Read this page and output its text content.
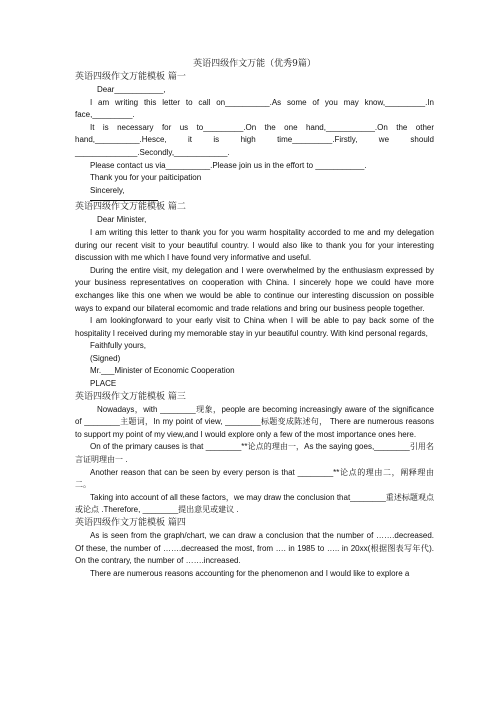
英语四级作文万能（优秀9篇）

英语四级作文万能模板 篇一

Dear___________,

I am writing this letter to call on__________.As some of you may know,_________.In face,_________.

It is necessary for us to_________.On the one hand,___________.On the other hand,__________.Hesce, it is high time_________.Firstly, we should ______________.Secondly,____________.

Please contact us via__________.Please join us in the effort to ___________.

Thank you for your paiticipation

Sincerely,

英语四级作文万能模板 篇二

Dear Minister,

I am writing this letter to thank you for you warm hospitality accorded to me and my delegation during our recent visit to your beautiful country. I would also like to thank you for your interesting discussion with me which I have found very informative and useful.

During the entire visit, my delegation and I were overwhelmed by the enthusiasm expressed by your business representatives on cooperation with China. I sincerely hope we could have more exchanges like this one when we would be able to continue our interesting discussion on possible ways to expand our bilateral ecomomic and trade relations and bring our business people together.

I am lookingforward to your early visit to China when I will be able to pay back some of the hospitality I received during my memorable stay in yur beautiful country. With kind personal regards,

Faithfully yours,

(Signed)

Mr.___Minister of Economic Cooperation

PLACE

英语四级作文万能模板 篇三

Nowadays，with ________现象，people are becoming increasingly aware of the significance of ________主题词，In my point of view, ________标题变成陈述句， There are numerous reasons to support my point of my view,and I would explore only a few of the most importance ones here.

On of the primary causes is that ________**论点的理由一，As the saying goes,________引用名言证明理由一 .

Another reason that can be seen by every person is that ________**论点的理由二，阐释理由二。

Taking into account of all these factors，we may draw the conclusion that________重述标题观点或论点 .Therefore, ________提出意见或建议 .

英语四级作文万能模板 篇四

As is seen from the graph/chart, we can draw a conclusion that the number of …….decreased. Of these, the number of …….decreased the most, from …. in 1985 to ….. in 20xx(根据图表写年代). On the contrary, the number of …….increased.

There are numerous reasons accounting for the phenomenon and I would like to explore a
